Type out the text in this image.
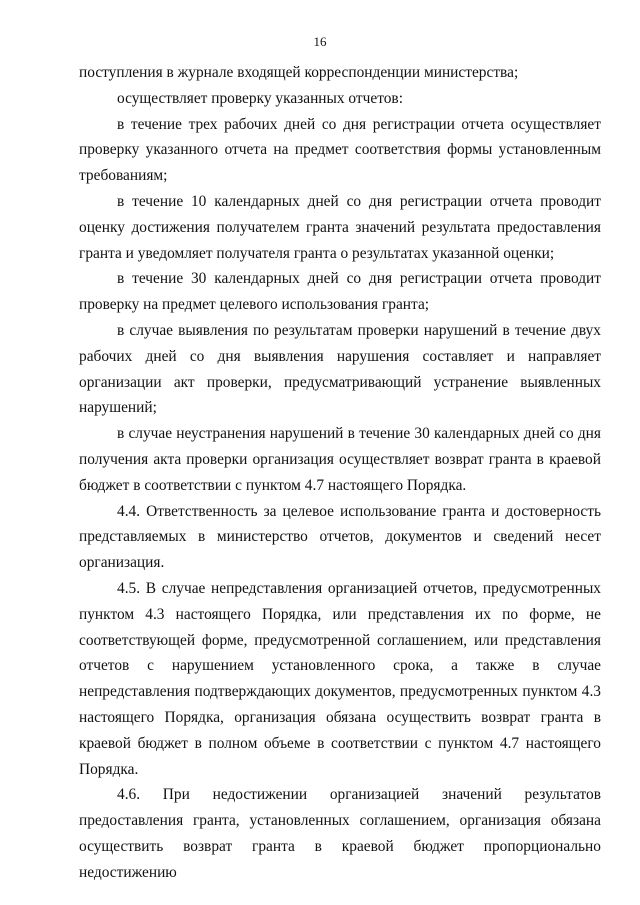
16

поступления в журнале входящей корреспонденции министерства;

осуществляет проверку указанных отчетов:

в течение трех рабочих дней со дня регистрации отчета осуществляет проверку указанного отчета на предмет соответствия формы установленным требованиям;

в течение 10 календарных дней со дня регистрации отчета проводит оценку достижения получателем гранта значений результата предоставления гранта и уведомляет получателя гранта о результатах указанной оценки;

в течение 30 календарных дней со дня регистрации отчета проводит проверку на предмет целевого использования гранта;

в случае выявления по результатам проверки нарушений в течение двух рабочих дней со дня выявления нарушения составляет и направляет организации акт проверки, предусматривающий устранение выявленных нарушений;

в случае неустранения нарушений в течение 30 календарных дней со дня получения акта проверки организация осуществляет возврат гранта в краевой бюджет в соответствии с пунктом 4.7 настоящего Порядка.

4.4. Ответственность за целевое использование гранта и достоверность представляемых в министерство отчетов, документов и сведений несет организация.

4.5. В случае непредставления организацией отчетов, предусмотренных пунктом 4.3 настоящего Порядка, или представления их по форме, не соответствующей форме, предусмотренной соглашением, или представления отчетов с нарушением установленного срока, а также в случае непредставления подтверждающих документов, предусмотренных пунктом 4.3 настоящего Порядка, организация обязана осуществить возврат гранта в краевой бюджет в полном объеме в соответствии с пунктом 4.7 настоящего Порядка.

4.6. При недостижении организацией значений результатов предоставления гранта, установленных соглашением, организация обязана осуществить возврат гранта в краевой бюджет пропорционально недостижению
